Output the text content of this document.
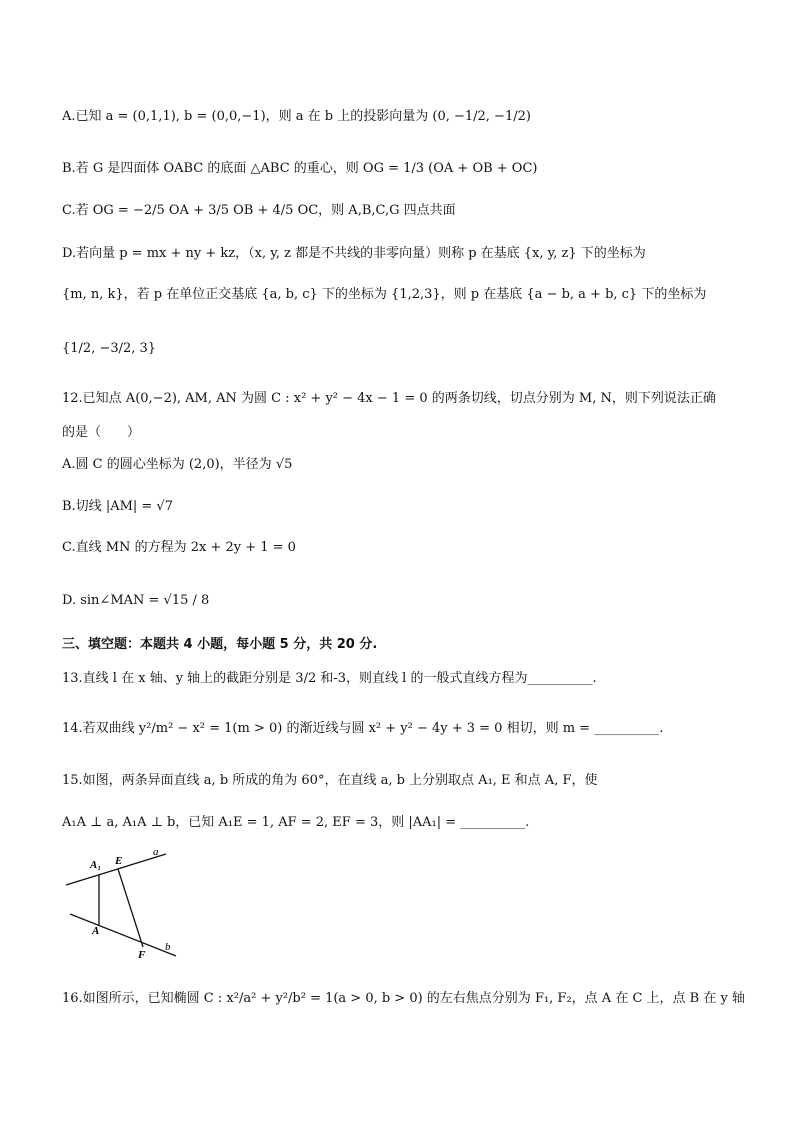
A.已知 a = (0,1,1), b = (0,0,−1)，则 a 在 b 上的投影向量为 (0, −1/2, −1/2)
B.若 G 是四面体 OABC 的底面 △ABC 的重心，则 OG = 1/3 (OA + OB + OC)
C.若 OG = −2/5 OA + 3/5 OB + 4/5 OC，则 A,B,C,G 四点共面
D.若向量 p = mx + ny + kz，（x, y, z 都是不共线的非零向量）则称 p 在基底 {x, y, z} 下的坐标为
{m, n, k}，若 p 在单位正交基底 {a, b, c} 下的坐标为 {1,2,3}，则 p 在基底 {a − b, a + b, c} 下的坐标为
{1/2, −3/2, 3}
12.已知点 A(0,−2), AM, AN 为圆 C : x² + y² − 4x − 1 = 0 的两条切线，切点分别为 M, N，则下列说法正确
的是（　　）
A.圆 C 的圆心坐标为 (2,0)，半径为 √5
B.切线 |AM| = √7
C.直线 MN 的方程为 2x + 2y + 1 = 0
D. sin∠MAN = √15 / 8
三、填空题：本题共 4 小题，每小题 5 分，共 20 分.
13.直线 l 在 x 轴、y 轴上的截距分别是 3/2 和-3，则直线 l 的一般式直线方程为__________.
14.若双曲线 y²/m² − x² = 1(m > 0) 的渐近线与圆 x² + y² − 4y + 3 = 0 相切，则 m = __________.
15.如图，两条异面直线 a, b 所成的角为 60°，在直线 a, b 上分别取点 A₁, E 和点 A, F，使
A₁A ⊥ a, A₁A ⊥ b，已知 A₁E = 1, AF = 2, EF = 3，则 |AA₁| = __________.
A₁ E
a
A
F
b
16.如图所示，已知椭圆 C : x²/a² + y²/b² = 1(a > 0, b > 0) 的左右焦点分别为 F₁, F₂，点 A 在 C 上，点 B 在 y 轴
